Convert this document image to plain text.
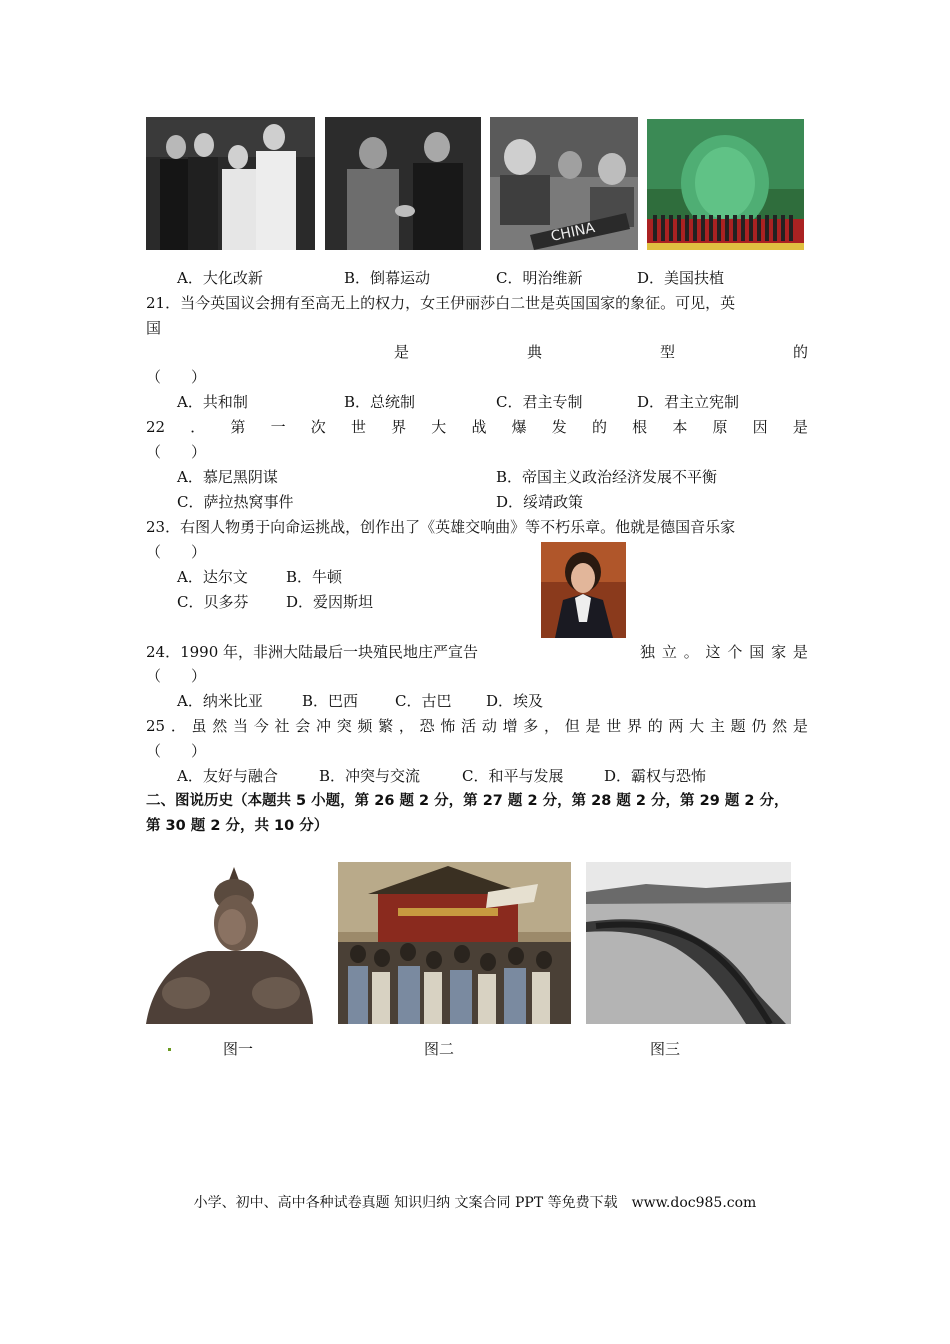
CHINA
A．大化改新	B．倒幕运动	C．明治维新	D．美国扶植
21．当今英国议会拥有至高无上的权力，女王伊丽莎白二世是英国国家的象征。可见，英
国
是	典	型	的
（　　）
A．共和制	B．总统制	C．君主专制	D．君主立宪制
22 ． 第 一 次 世 界 大 战 爆 发 的 根 本 原 因 是
（　　）
A．慕尼黑阴谋	B．帝国主义政治经济发展不平衡
C．萨拉热窝事件	D．绥靖政策
23．右图人物勇于向命运挑战，创作出了《英雄交响曲》等不朽乐章。他就是德国音乐家
（　　）
A．达尔文	B．牛顿
C．贝多芬	D．爱因斯坦
24．1990 年，非洲大陆最后一块殖民地庄严宣告	独 立 。 这 个 国 家 是
（　　）
A．纳米比亚	B．巴西 C．古巴 D．埃及
25 ． 虽 然 当 今 社 会 冲 突 频 繁 ， 恐 怖 活 动 增 多 ， 但 是 世 界 的 两 大 主 题 仍 然 是
（　　）
A．友好与融合	B．冲突与交流	C．和平与发展	D．霸权与恐怖
二、图说历史（本题共 5 小题，第 26 题 2 分，第 27 题 2 分，第 28 题 2 分，第 29 题 2 分，
第 30 题 2 分，共 10 分）
图一	图二	图三
小学、初中、高中各种试卷真题 知识归纳 文案合同 PPT 等免费下载　www.doc985.com
